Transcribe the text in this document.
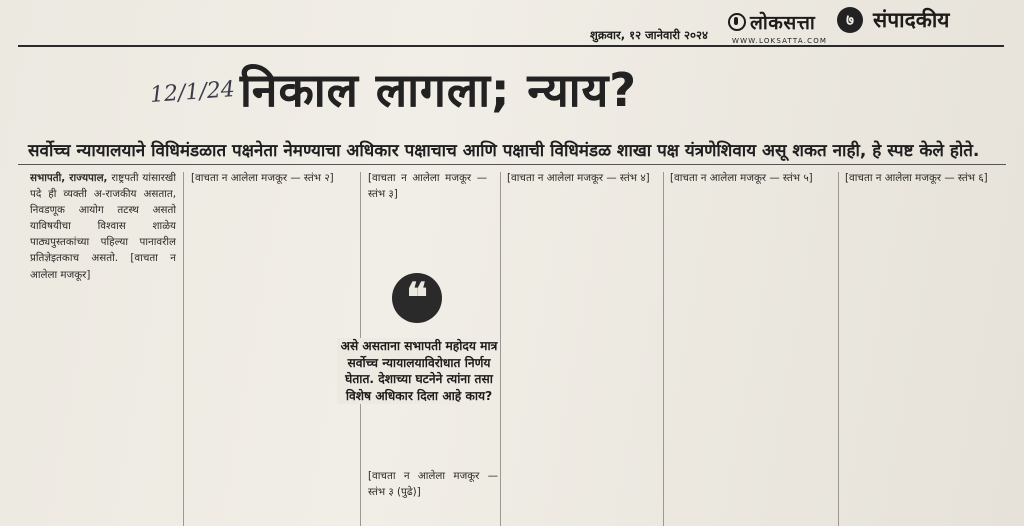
शुक्रवार, १२ जानेवारी २०२४
लोकसत्ता
WWW.LOKSATTA.COM
७ संपादकीय
12/1/24 निकाल लागला; न्याय?
सर्वोच्च न्यायालयाने विधिमंडळात पक्षनेता नेमण्याचा अधिकार पक्षाचाच आणि पक्षाची विधिमंडळ शाखा पक्ष यंत्रणेशिवाय असू शकत नाही, हे स्पष्ट केले होते.

सभापती, राज्यपाल, राष्ट्रपती यांसारखी पदे ही व्यक्ती अ-राजकीय असतात, निवडणूक आयोग तटस्थ असतो याविषयीचा विश्वास शाळेय पाठ्यपुस्तकांच्या पहिल्या पानावरील प्रतिज्ञेइतकाच असतो. [वाचता न आलेला मजकूर]

[वाचता न आलेला मजकूर — स्तंभ २]	[वाचता न आलेला मजकूर — स्तंभ ३]

❝
असे असताना सभापती महोदय मात्र सर्वोच्च न्यायालयाविरोधात निर्णय घेतात. देशाच्या घटनेने त्यांना तसा विशेष अधिकार दिला आहे काय?

[वाचता न आलेला मजकूर — स्तंभ ३ (पुढे)]

[वाचता न आलेला मजकूर — स्तंभ ४]	[वाचता न आलेला मजकूर — स्तंभ ५]	[वाचता न आलेला मजकूर — स्तंभ ६]
